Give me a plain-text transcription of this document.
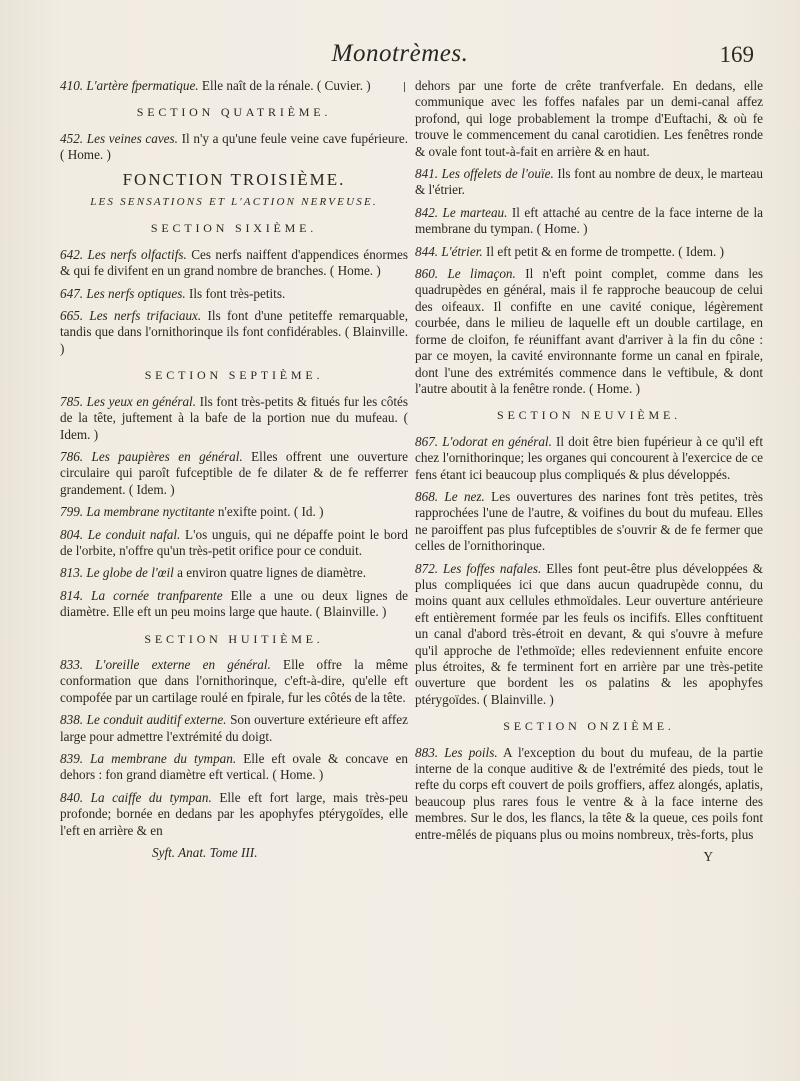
Monotrèmes.	169

410. L'artère fpermatique. Elle naît de la rénale. ( Cuvier. )

SECTION QUATRIÈME.

452. Les veines caves. Il n'y a qu'une feule veine cave fupérieure. ( Home. )

FONCTION TROISIÈME.
LES SENSATIONS ET L'ACTION NERVEUSE.
SECTION SIXIÈME.

642. Les nerfs olfactifs. Ces nerfs naiffent d'appendices énormes & qui fe divifent en un grand nombre de branches. ( Home. )

647. Les nerfs optiques. Ils font très-petits.

665. Les nerfs trifaciaux. Ils font d'une petiteffe remarquable, tandis que dans l'ornithorinque ils font confidérables. ( Blainville. )

SECTION SEPTIÈME.

785. Les yeux en général. Ils font très-petits & fitués fur les côtés de la tête, juftement à la bafe de la portion nue du mufeau. ( Idem. )

786. Les paupières en général. Elles offrent une ouverture circulaire qui paroît fufceptible de fe dilater & de fe refferrer grandement. ( Idem. )

799. La membrane nyctitante n'exifte point. ( Id. )

804. Le conduit nafal. L'os unguis, qui ne dépaffe point le bord de l'orbite, n'offre qu'un très-petit orifice pour ce conduit.

813. Le globe de l'œil a environ quatre lignes de diamètre.

814. La cornée tranfparente Elle a une ou deux lignes de diamètre. Elle eft un peu moins large que haute. ( Blainville. )

SECTION HUITIÈME.

833. L'oreille externe en général. Elle offre la même conformation que dans l'ornithorinque, c'eft-à-dire, qu'elle eft compofée par un cartilage roulé en fpirale, fur les côtés de la tête.

838. Le conduit auditif externe. Son ouverture extérieure eft affez large pour admettre l'extrémité du doigt.

839. La membrane du tympan. Elle eft ovale & concave en dehors : fon grand diamètre eft vertical. ( Home. )

840. La caiffe du tympan. Elle eft fort large, mais très-peu profonde; bornée en dedans par les apophyfes ptérygoïdes, elle l'eft en arrière & en

Syft. Anat. Tome III.

dehors par une forte de crête tranfverfale. En dedans, elle communique avec les foffes nafales par un demi-canal affez profond, qui loge probablement la trompe d'Euftachi, & où fe trouve le commencement du canal carotidien. Les fenêtres ronde & ovale font tout-à-fait en arrière & en haut.

841. Les offelets de l'ouïe. Ils font au nombre de deux, le marteau & l'étrier.

842. Le marteau. Il eft attaché au centre de la face interne de la membrane du tympan. ( Home. )

844. L'étrier. Il eft petit & en forme de trompette. ( Idem. )

860. Le limaçon. Il n'eft point complet, comme dans les quadrupèdes en général, mais il fe rapproche beaucoup de celui des oifeaux. Il confifte en une cavité conique, légèrement courbée, dans le milieu de laquelle eft un double cartilage, en forme de cloifon, fe réuniffant avant d'arriver à la fin du cône : par ce moyen, la cavité environnante forme un canal en fpirale, dont l'une des extrémités commence dans le veftibule, & dont l'autre aboutit à la fenêtre ronde. ( Home. )

SECTION NEUVIÈME.

867. L'odorat en général. Il doit être bien fupérieur à ce qu'il eft chez l'ornithorinque; les organes qui concourent à l'exercice de ce fens étant ici beaucoup plus compliqués & plus développés.

868. Le nez. Les ouvertures des narines font très petites, très rapprochées l'une de l'autre, & voifines du bout du mufeau. Elles ne paroiffent pas plus fufceptibles de s'ouvrir & de fe fermer que celles de l'ornithorinque.

872. Les foffes nafales. Elles font peut-être plus développées & plus compliquées ici que dans aucun quadrupède connu, du moins quant aux cellules ethmoïdales. Leur ouverture antérieure eft entièrement formée par les feuls os incififs. Elles conftituent un canal d'abord très-étroit en devant, & qui s'ouvre à mefure qu'il approche de l'ethmoïde; elles redeviennent enfuite encore plus étroites, & fe terminent fort en arrière par une très-petite ouverture que bordent les os palatins & les apophyfes ptérygoïdes. ( Blainville. )

SECTION ONZIÈME.

883. Les poils. A l'exception du bout du mufeau, de la partie interne de la conque auditive & de l'extrémité des pieds, tout le refte du corps eft couvert de poils groffiers, affez alongés, aplatis, beaucoup plus rares fous le ventre & à la face interne des membres. Sur le dos, les flancs, la tête & la queue, ces poils font entre-mêlés de piquans plus ou moins nombreux, très-forts, plus

Y
